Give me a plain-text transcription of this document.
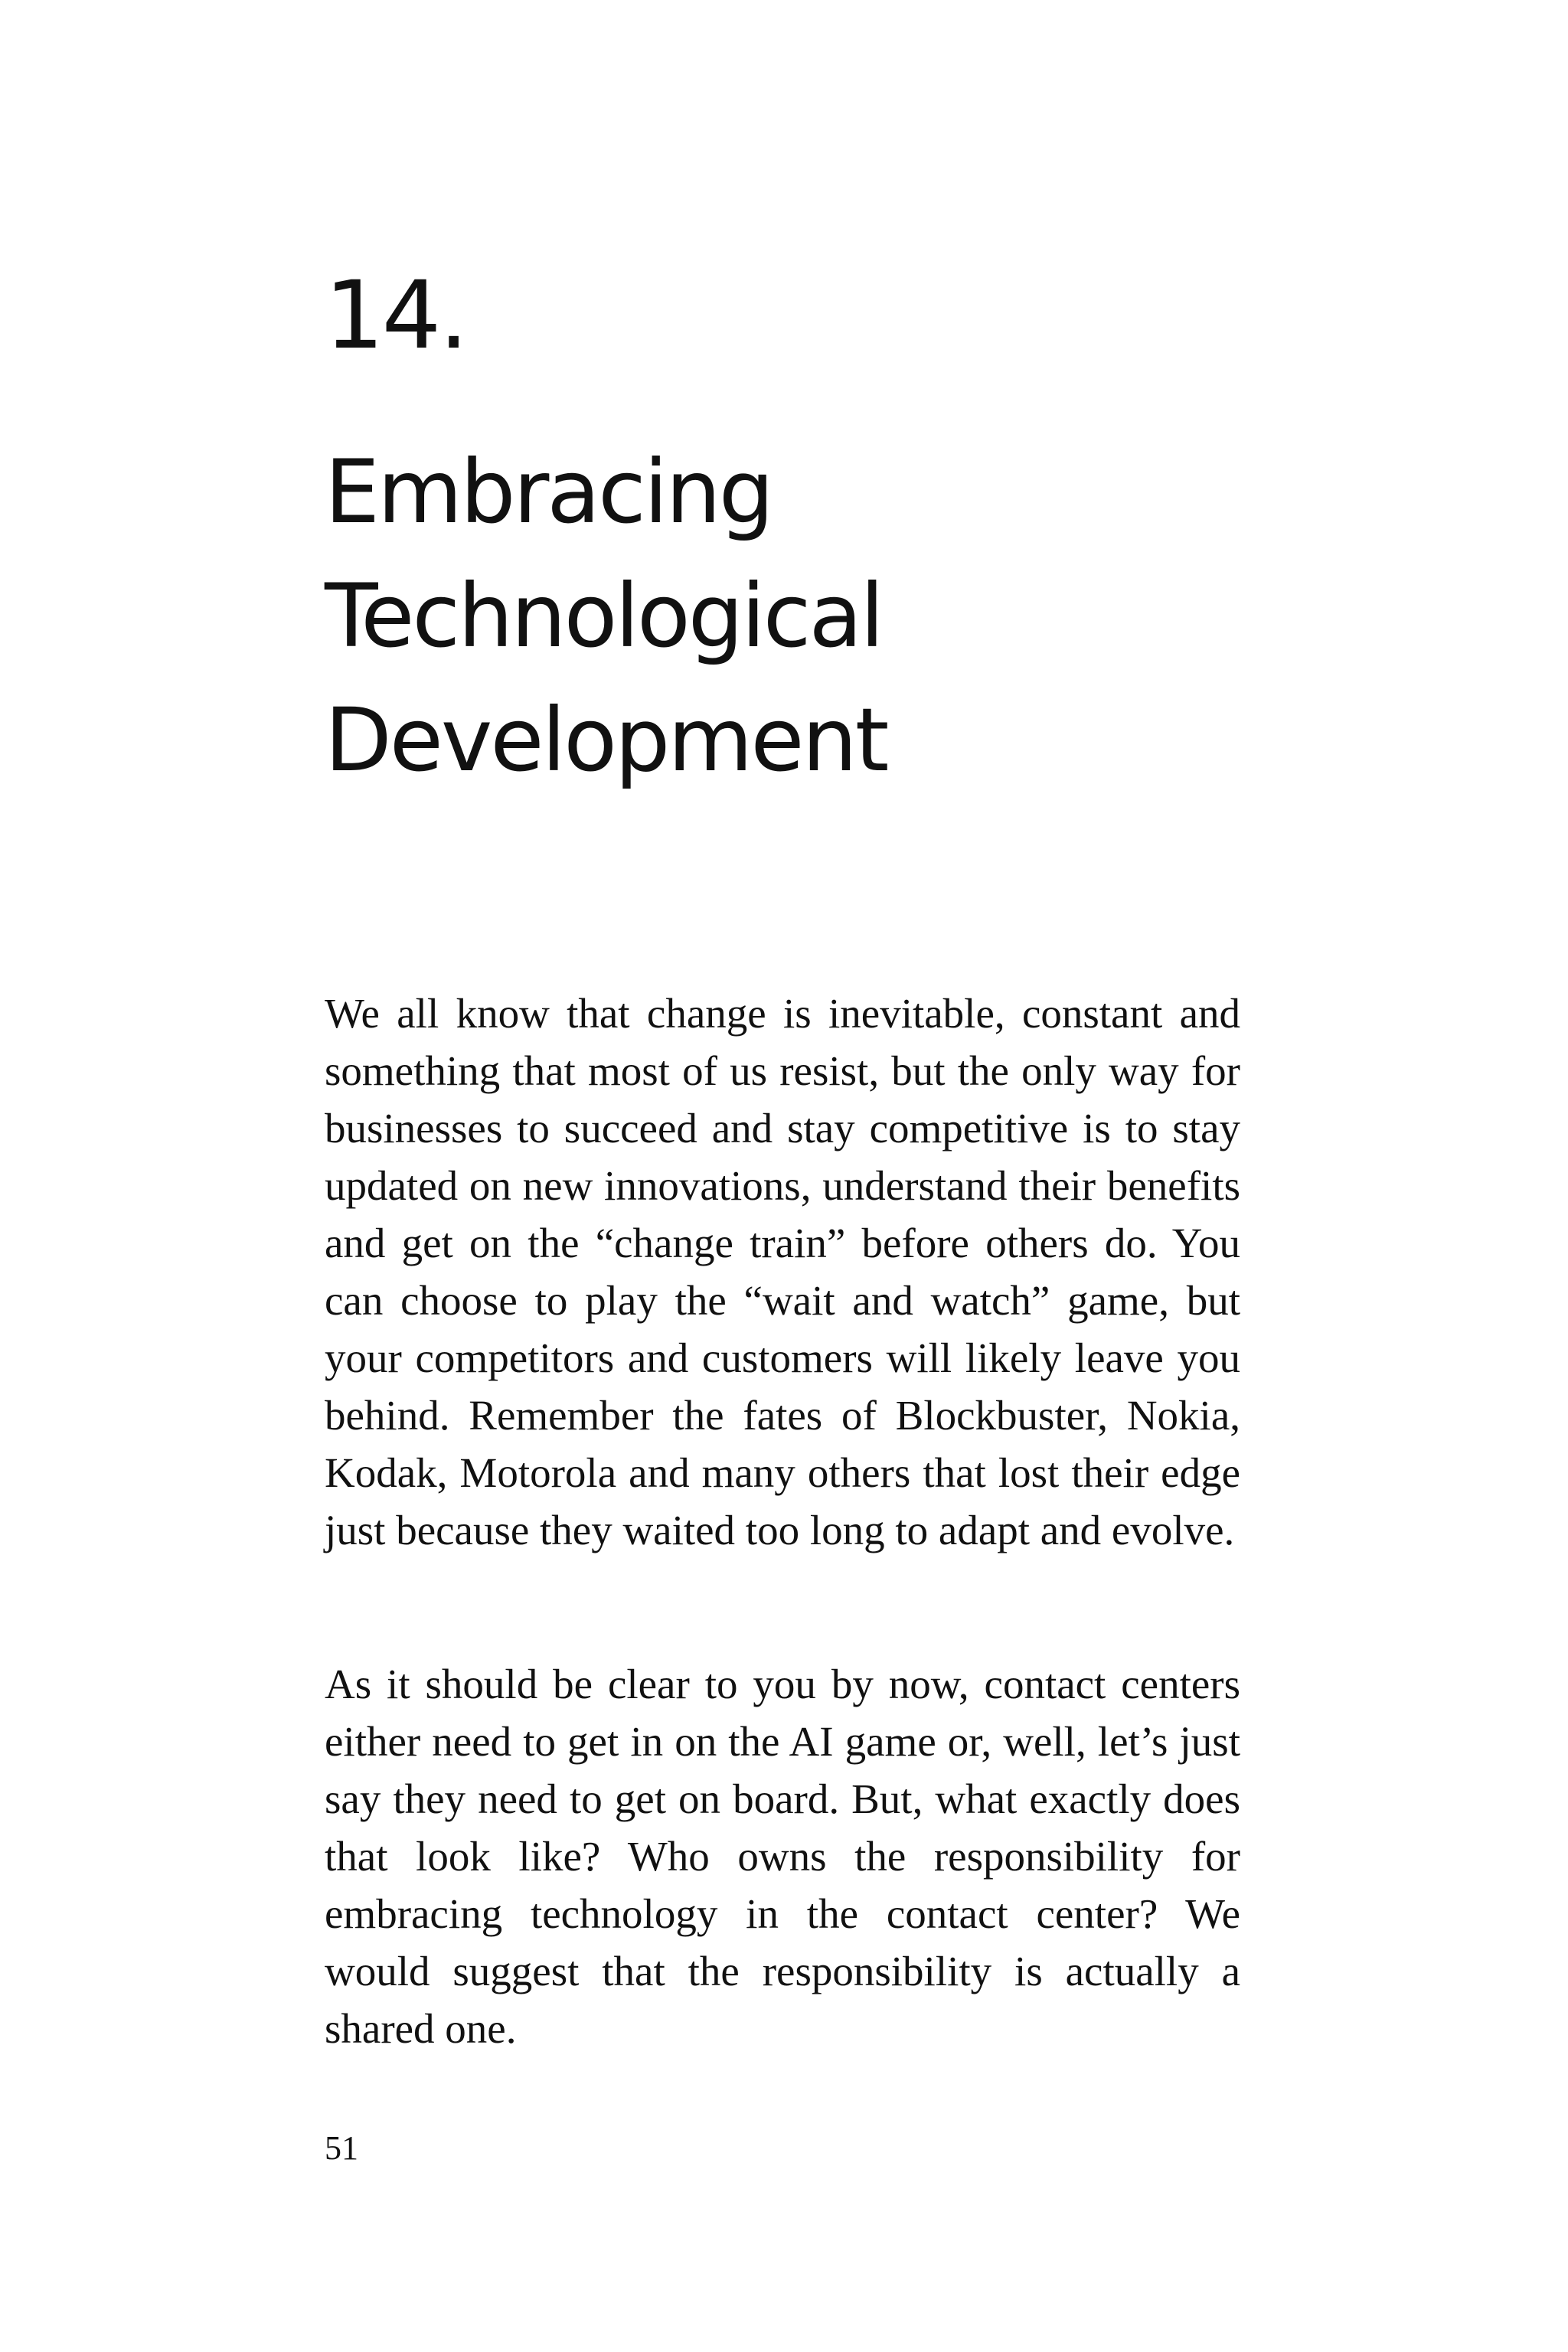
14.
Embracing
Technological
Development

We all know that change is inevitable, constant and something that most of us resist, but the only way for businesses to succeed and stay competitive is to stay updated on new innovations, understand their benefits and get on the “change train” before others do. You can choose to play the “wait and watch” game, but your competitors and customers will likely leave you behind. Remember the fates of Blockbuster, Nokia, Kodak, Motorola and many others that lost their edge just because they waited too long to adapt and evolve.

As it should be clear to you by now, contact centers either need to get in on the AI game or, well, let’s just say they need to get on board. But, what exactly does that look like? Who owns the responsibility for embracing technology in the contact center? We would suggest that the responsibility is actually a shared one.

51
